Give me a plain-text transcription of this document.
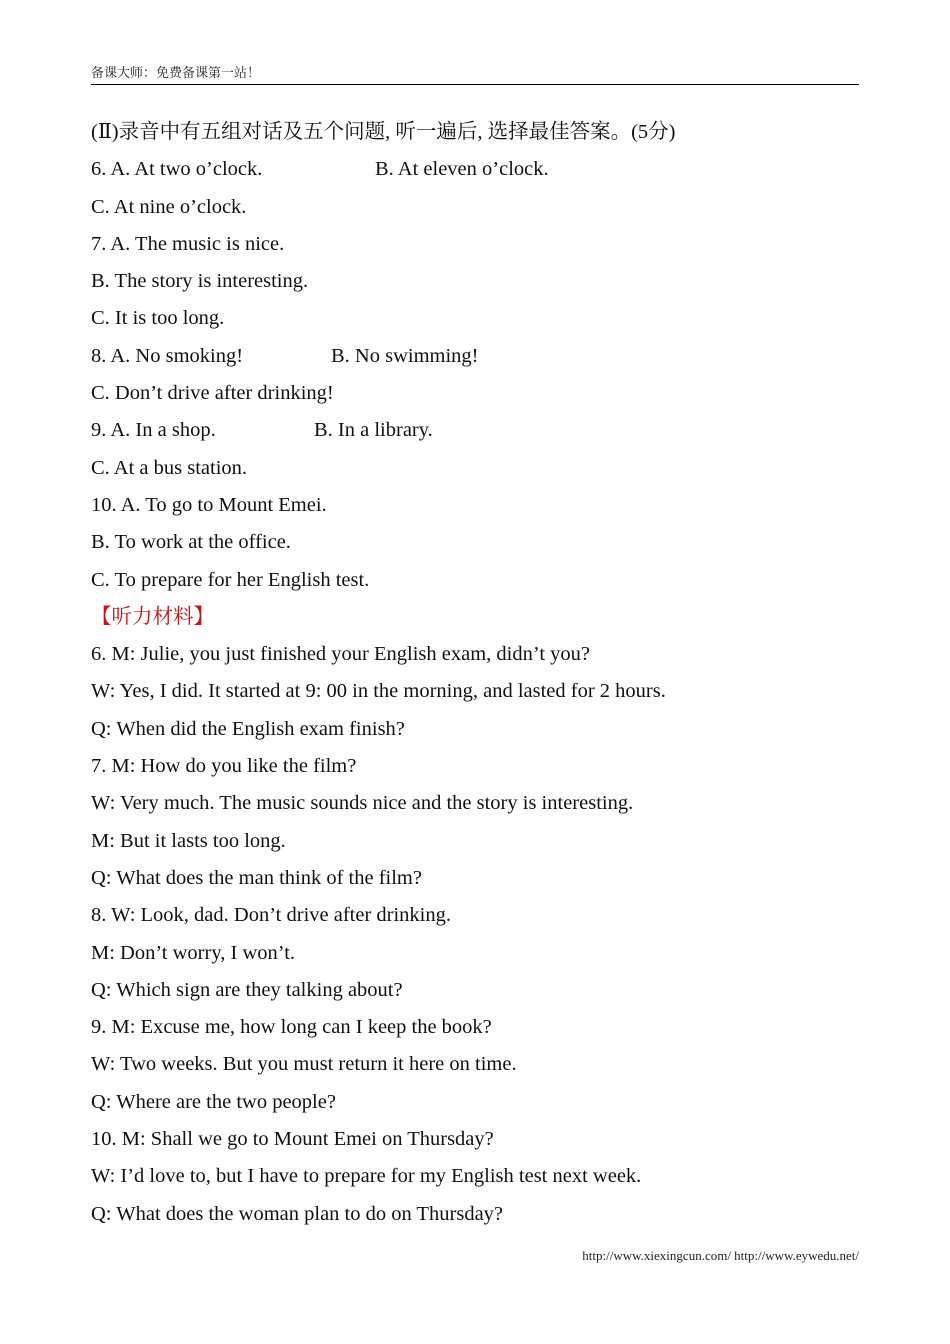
备课大师：免费备课第一站！
(Ⅱ)录音中有五组对话及五个问题, 听一遍后, 选择最佳答案。(5分)
6. A. At two o’clock.	B. At eleven o’clock.
C. At nine o’clock.
7. A. The music is nice.
B. The story is interesting.
C. It is too long.
8. A. No smoking!	B. No swimming!
C. Don’t drive after drinking!
9. A. In a shop.	B. In a library.
C. At a bus station.
10. A. To go to Mount Emei.
B. To work at the office.
C. To prepare for her English test.
【听力材料】
6. M: Julie, you just finished your English exam, didn’t you?
W: Yes, I did. It started at 9: 00 in the morning, and lasted for 2 hours.
Q: When did the English exam finish?
7. M: How do you like the film?
W: Very much. The music sounds nice and the story is interesting.
M: But it lasts too long.
Q: What does the man think of the film?
8. W: Look, dad. Don’t drive after drinking.
M: Don’t worry, I won’t.
Q: Which sign are they talking about?
9. M: Excuse me, how long can I keep the book?
W: Two weeks. But you must return it here on time.
Q: Where are the two people?
10. M: Shall we go to Mount Emei on Thursday?
W: I’d love to, but I have to prepare for my English test next week.
Q: What does the woman plan to do on Thursday?
http://www.xiexingcun.com/ http://www.eywedu.net/
